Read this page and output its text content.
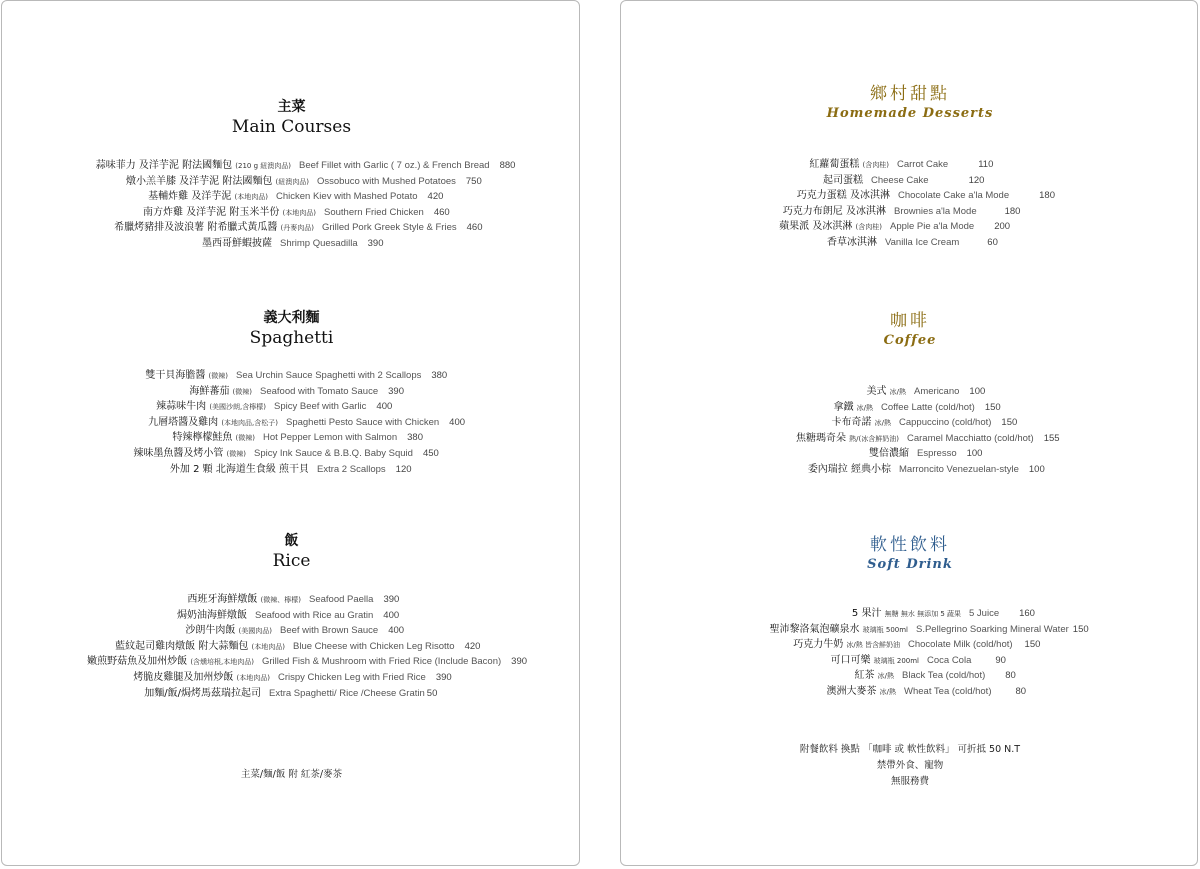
主菜
Main Courses
蒜味菲力 及洋芋泥 附法國麵包 (210 g 紐澳肉品) Beef Fillet with Garlic ( 7 oz.) & French Bread 880
燉小羔羊膝 及洋芋泥 附法國麵包 (紐澳肉品) Ossobuco with Mushed Potatoes 750
基輔炸雞 及洋芋泥 (本地肉品) Chicken Kiev with Mashed Potato 420
南方炸雞 及洋芋泥 附玉米半份 (本地肉品) Southern Fried Chicken 460
希臘烤豬排及波浪薯 附希臘式黃瓜醬 (丹麥肉品) Grilled Pork Greek Style & Fries 460
墨西哥鮮蝦披薩 Shrimp Quesadilla 390
義大利麵
Spaghetti
雙干貝海膽醬 (微辣) Sea Urchin Sauce Spaghetti with 2 Scallops 380
海鮮蕃茄 (微辣) Seafood with Tomato Sauce 390
辣蒜味牛肉 (美國沙朗,含檸檬) Spicy Beef with Garlic 400
九層塔醬及雞肉 (本地肉品,含松子) Spaghetti Pesto Sauce with Chicken 400
特辣檸檬鮭魚 (微辣) Hot Pepper Lemon with Salmon 380
辣味墨魚醬及烤小管 (微辣) Spicy Ink Sauce & B.B.Q. Baby Squid 450
外加 2 顆 北海道生食級 煎干貝 Extra 2 Scallops 120
飯
Rice
西班牙海鮮燉飯 (微辣、檸檬) Seafood Paella 390
焗奶油海鮮燉飯 Seafood with Rice au Gratin 400
沙朗牛肉飯 (美國肉品) Beef with Brown Sauce 400
藍紋起司雞肉燉飯 附大蒜麵包 (本地肉品) Blue Cheese with Chicken Leg Risotto 420
嫩煎野菇魚及加州炒飯 (含燻培根,本地肉品) Grilled Fish & Mushroom with Fried Rice (Include Bacon) 390
烤脆皮雞腿及加州炒飯 (本地肉品) Crispy Chicken Leg with Fried Rice 390
加麵/飯/焗烤馬茲瑞拉起司 Extra Spaghetti/ Rice /Cheese Gratin 50
主菜/麵/飯 附 紅茶/麥茶
鄉村甜點
Homemade Desserts
紅蘿蔔蛋糕 (含肉桂) Carrot Cake	110
起司蛋糕 Cheese Cake	120
巧克力蛋糕 及冰淇淋 Chocolate Cake a'la Mode	180
巧克力布朗尼 及冰淇淋 Brownies a'la Mode	180
蘋果派 及冰淇淋 (含肉桂) Apple Pie a'la Mode 200
香草冰淇淋 Vanilla Ice Cream	60
咖啡
Coffee
美式 冰/熱 Americano 100
拿鐵 冰/熱 Coffee Latte (cold/hot) 150
卡布奇諾 冰/熱 Cappuccino (cold/hot) 150
焦糖瑪奇朵 熱/(冰含鮮奶油) Caramel Macchiatto (cold/hot) 155
雙倍濃縮 Espresso 100
委內瑞拉 經典小棕 Marroncito Venezuelan-style 100
軟性飲料
Soft Drink
5 果汁 無糖 無水 無添加 5 蔬果 5 Juice 160
聖沛黎洛氣泡礦泉水 玻璃瓶 500ml S.Pellegrino Soarking Mineral Water 150
巧克力牛奶 冰/熱 皆含鮮奶油 Chocolate Milk (cold/hot) 150
可口可樂 玻璃瓶 200ml Coca Cola	90
紅茶 冰/熱 Black Tea (cold/hot) 80
澳洲大麥茶 冰/熱 Wheat Tea (cold/hot)	80
附餐飲料 換點 「咖啡 或 軟性飲料」 可折抵 50 N.T
禁帶外食、寵物
無服務費
